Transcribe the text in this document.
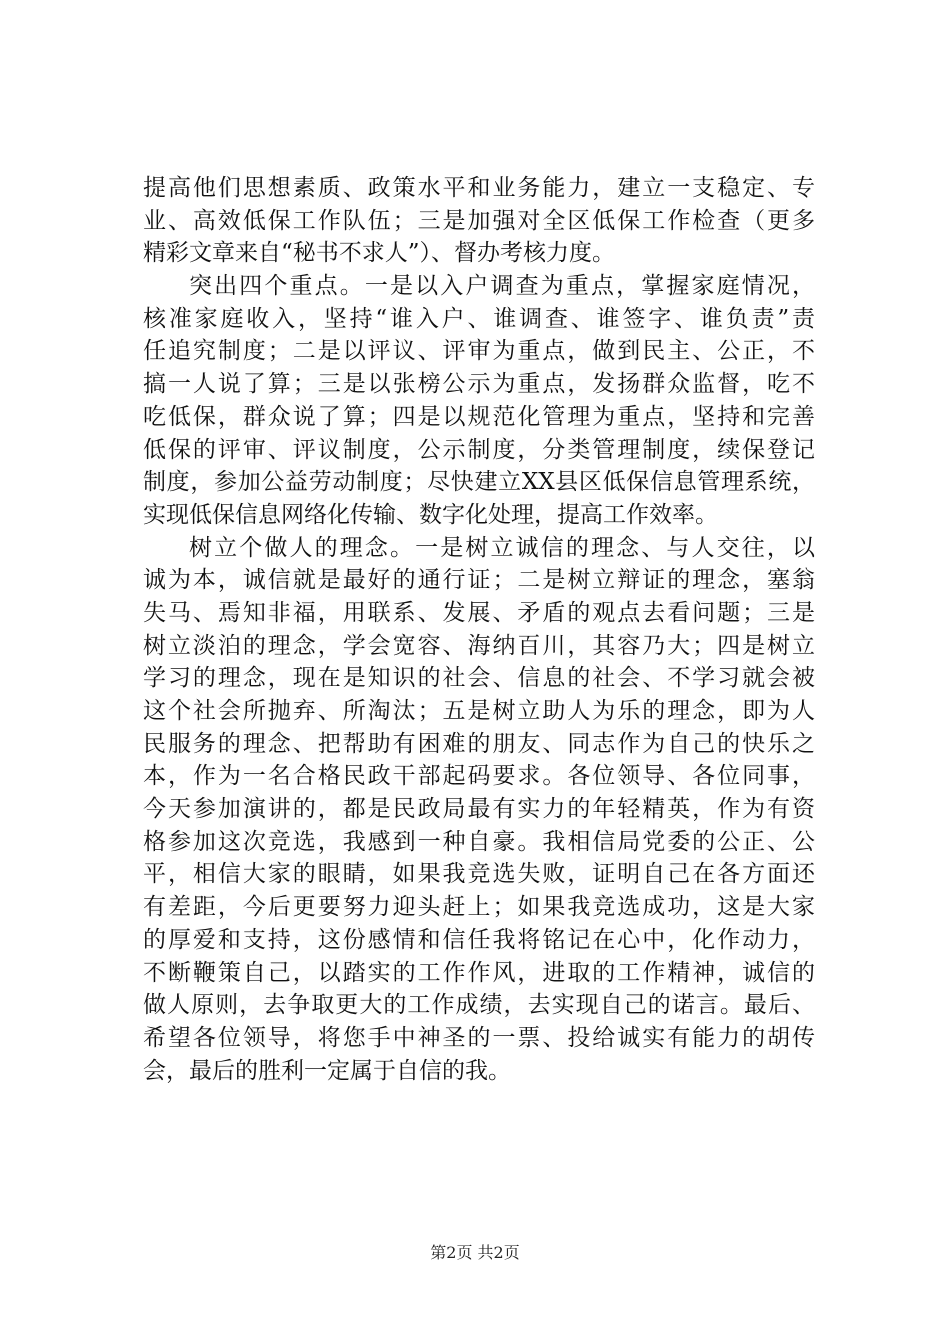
提高他们思想素质、政策水平和业务能力，建立一支稳定、专
业、高效低保工作队伍；三是加强对全区低保工作检查（更多
精彩文章来自“秘书不求人”）、督办考核力度。
突出四个重点。一是以入户调查为重点，掌握家庭情况，
核准家庭收入，坚持“谁入户、谁调查、谁签字、谁负责”责
任追究制度；二是以评议、评审为重点，做到民主、公正，不
搞一人说了算；三是以张榜公示为重点，发扬群众监督，吃不
吃低保，群众说了算；四是以规范化管理为重点，坚持和完善
低保的评审、评议制度，公示制度，分类管理制度，续保登记
制度，参加公益劳动制度；尽快建立XX县区低保信息管理系统，
实现低保信息网络化传输、数字化处理，提高工作效率。
树立个做人的理念。一是树立诚信的理念、与人交往，以
诚为本，诚信就是最好的通行证；二是树立辩证的理念，塞翁
失马、焉知非福，用联系、发展、矛盾的观点去看问题；三是
树立淡泊的理念，学会宽容、海纳百川，其容乃大；四是树立
学习的理念，现在是知识的社会、信息的社会、不学习就会被
这个社会所抛弃、所淘汰；五是树立助人为乐的理念，即为人
民服务的理念、把帮助有困难的朋友、同志作为自己的快乐之
本，作为一名合格民政干部起码要求。各位领导、各位同事，
今天参加演讲的，都是民政局最有实力的年轻精英，作为有资
格参加这次竞选，我感到一种自豪。我相信局党委的公正、公
平，相信大家的眼睛，如果我竞选失败，证明自己在各方面还
有差距，今后更要努力迎头赶上；如果我竞选成功，这是大家
的厚爱和支持，这份感情和信任我将铭记在心中，化作动力，
不断鞭策自己，以踏实的工作作风，进取的工作精神，诚信的
做人原则，去争取更大的工作成绩，去实现自己的诺言。最后、
希望各位领导，将您手中神圣的一票、投给诚实有能力的胡传
会，最后的胜利一定属于自信的我。
第2页 共2页
